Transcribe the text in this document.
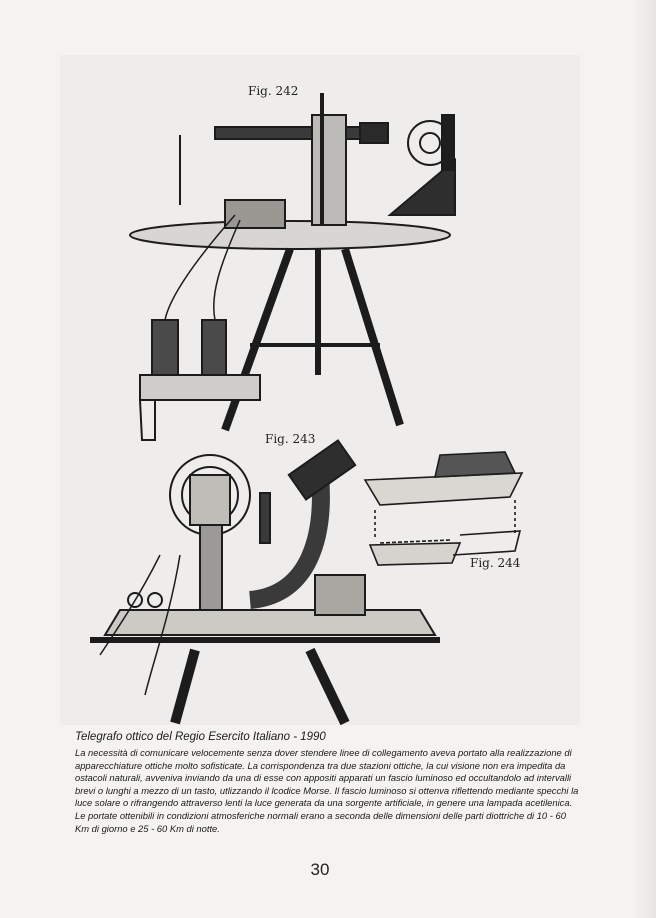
Fig. 242
Fig. 243
Fig. 244

Telegrafo ottico del Regio Esercito Italiano - 1990

La necessità di comunicare velocemente senza dover stendere linee di collegamento aveva portato alla realizzazione di apparecchiature ottiche molto sofisticate. La corrispondenza tra due stazioni ottiche, la cui visione non era impedita da ostacoli naturali, avveniva inviando da una di esse con appositi apparati un fascio luminoso ed occultandolo ad intervalli brevi o lunghi a mezzo di un tasto, utlizzando il lcodice Morse. Il fascio luminoso si ottenva riflettendo mediante specchi la luce solare o rifrangendo attraverso lenti la luce generata da una sorgente artificiale, in genere una lampada acetilenica. Le portate ottenibili in condizioni atmosferiche normali erano a seconda delle dimensioni delle parti diottriche di 10 - 60 Km di giorno e 25 - 60 Km di notte.

30
